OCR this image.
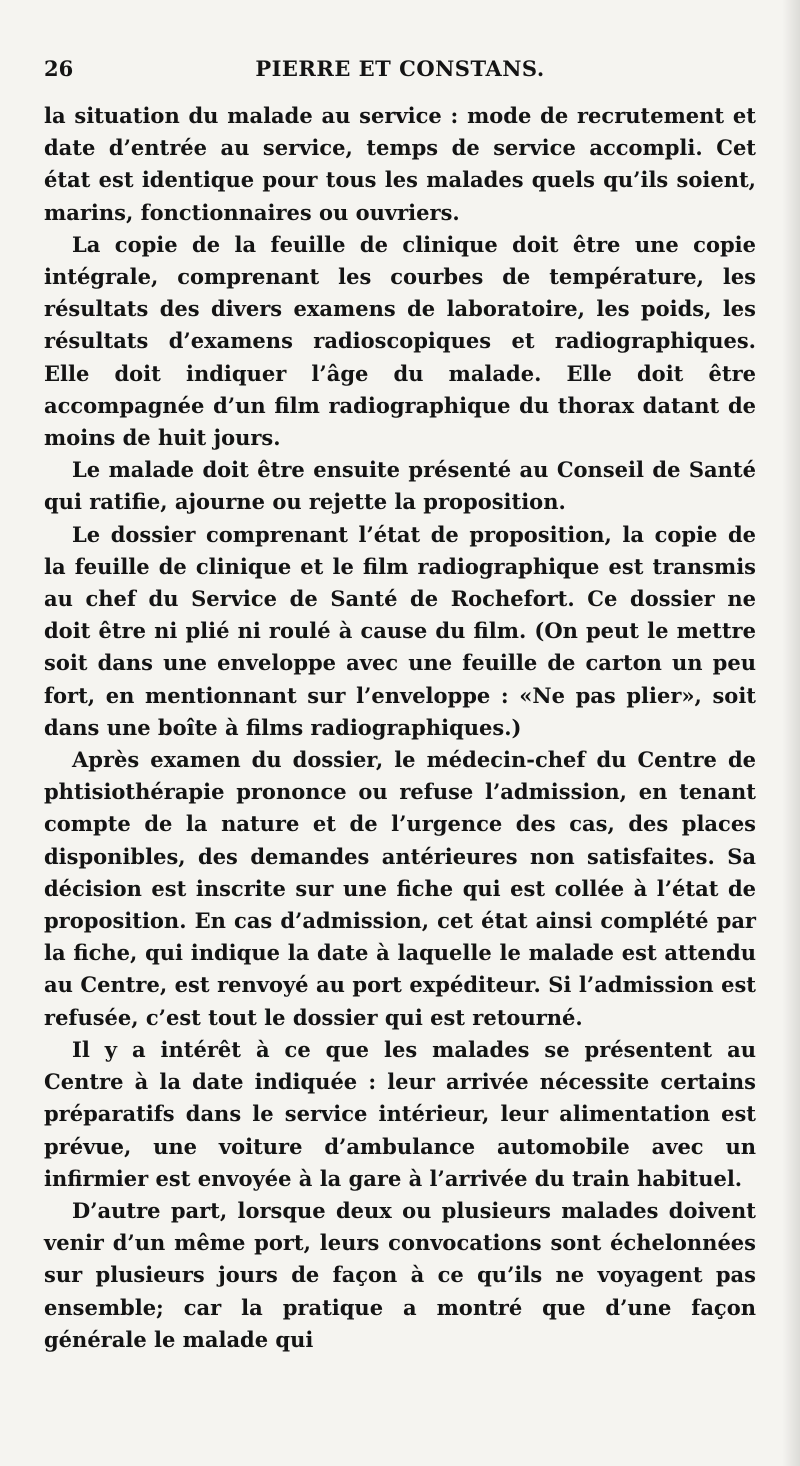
26	PIERRE ET CONSTANS.

la situation du malade au service : mode de recrutement et date d’entrée au service, temps de service accompli. Cet état est identique pour tous les malades quels qu’ils soient, marins, fonctionnaires ou ouvriers.

La copie de la feuille de clinique doit être une copie intégrale, comprenant les courbes de température, les résultats des divers examens de laboratoire, les poids, les résultats d’examens radioscopiques et radiographiques. Elle doit indiquer l’âge du malade. Elle doit être accompagnée d’un film radiographique du thorax datant de moins de huit jours.

Le malade doit être ensuite présenté au Conseil de Santé qui ratifie, ajourne ou rejette la proposition.

Le dossier comprenant l’état de proposition, la copie de la feuille de clinique et le film radiographique est transmis au chef du Service de Santé de Rochefort. Ce dossier ne doit être ni plié ni roulé à cause du film. (On peut le mettre soit dans une enveloppe avec une feuille de carton un peu fort, en mentionnant sur l’enveloppe : «Ne pas plier», soit dans une boîte à films radiographiques.)

Après examen du dossier, le médecin-chef du Centre de phtisiothérapie prononce ou refuse l’admission, en tenant compte de la nature et de l’urgence des cas, des places disponibles, des demandes antérieures non satisfaites. Sa décision est inscrite sur une fiche qui est collée à l’état de proposition. En cas d’admission, cet état ainsi complété par la fiche, qui indique la date à laquelle le malade est attendu au Centre, est renvoyé au port expéditeur. Si l’admission est refusée, c’est tout le dossier qui est retourné.

Il y a intérêt à ce que les malades se présentent au Centre à la date indiquée : leur arrivée nécessite certains préparatifs dans le service intérieur, leur alimentation est prévue, une voiture d’ambulance automobile avec un infirmier est envoyée à la gare à l’arrivée du train habituel.

D’autre part, lorsque deux ou plusieurs malades doivent venir d’un même port, leurs convocations sont échelonnées sur plusieurs jours de façon à ce qu’ils ne voyagent pas ensemble; car la pratique a montré que d’une façon générale le malade qui
